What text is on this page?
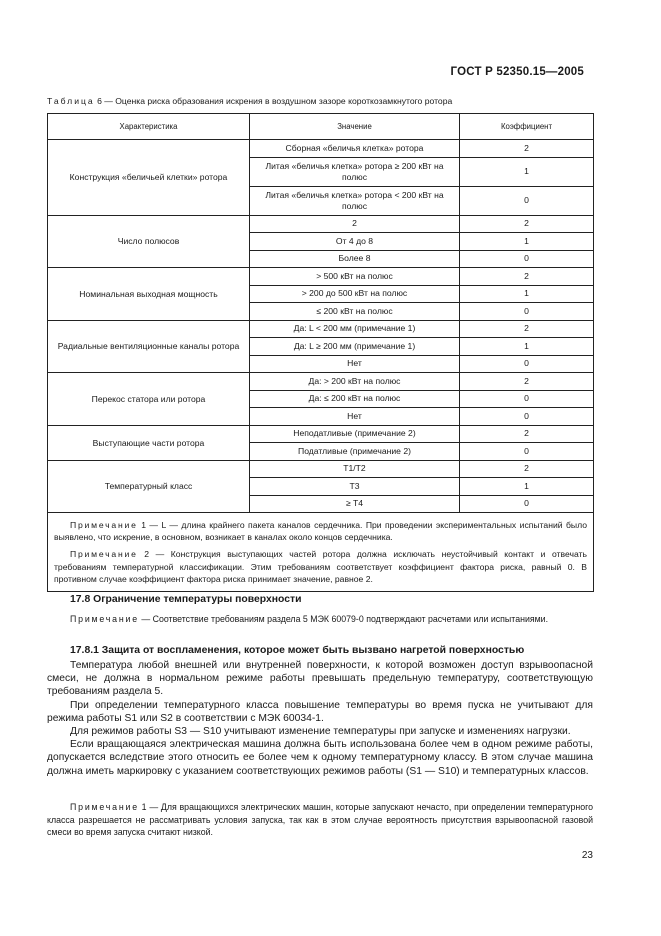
ГОСТ Р 52350.15—2005
Таблица 6 — Оценка риска образования искрения в воздушном зазоре короткозамкнутого ротора
Характеристика	Значение	Коэффициент
Конструкция «беличьей клетки» ротора	Сборная «беличья клетка» ротора	2
	Литая «беличья клетка» ротора ≥ 200 кВт на полюс	1
	Литая «беличья клетка» ротора < 200 кВт на полюс	0
Число полюсов	2	2
	От 4 до 8	1
	Более 8	0
Номинальная выходная мощность	> 500 кВт на полюс	2
	> 200 до 500 кВт на полюс	1
	≤ 200 кВт на полюс	0
Радиальные вентиляционные каналы ротора	Да: L < 200 мм (примечание 1)	2
	Да: L ≥ 200 мм (примечание 1)	1
	Нет	0
Перекос статора или ротора	Да: > 200 кВт на полюс	2
	Да: ≤ 200 кВт на полюс	0
	Нет	0
Выступающие части ротора	Неподатливые (примечание 2)	2
	Податливые (примечание 2)	0
Температурный класс	T1/T2	2
	T3	1
	≥ T4	0

Примечание 1 — L — длина крайнего пакета каналов сердечника. При проведении экспериментальных испытаний было выявлено, что искрение, в основном, возникает в каналах около концов сердечника.

Примечание 2 — Конструкция выступающих частей ротора должна исключать неустойчивый контакт и отвечать требованиям температурной классификации. Этим требованиям соответствует коэффициент фактора риска, равный 0. В противном случае коэффициент фактора риска принимает значение, равное 2.		

17.8 Ограничение температуры поверхности

Примечание — Соответствие требованиям раздела 5 МЭК 60079-0 подтверждают расчетами или испытаниями.

17.8.1 Защита от воспламенения, которое может быть вызвано нагретой поверхностью

Температура любой внешней или внутренней поверхности, к которой возможен доступ взрывоопасной смеси, не должна в нормальном режиме работы превышать предельную температуру, соответствующую требованиям раздела 5.

При определении температурного класса повышение температуры во время пуска не учитывают для режима работы S1 или S2 в соответствии с МЭК 60034-1.

Для режимов работы S3 — S10 учитывают изменение температуры при запуске и изменениях нагрузки.

Если вращающаяся электрическая машина должна быть использована более чем в одном режиме работы, допускается вследствие этого относить ее более чем к одному температурному классу. В этом случае машина должна иметь маркировку с указанием соответствующих режимов работы (S1 — S10) и температурных классов.

Примечание 1 — Для вращающихся электрических машин, которые запускают нечасто, при определении температурного класса разрешается не рассматривать условия запуска, так как в этом случае вероятность присутствия взрывоопасной газовой смеси во время запуска считают низкой.

23
